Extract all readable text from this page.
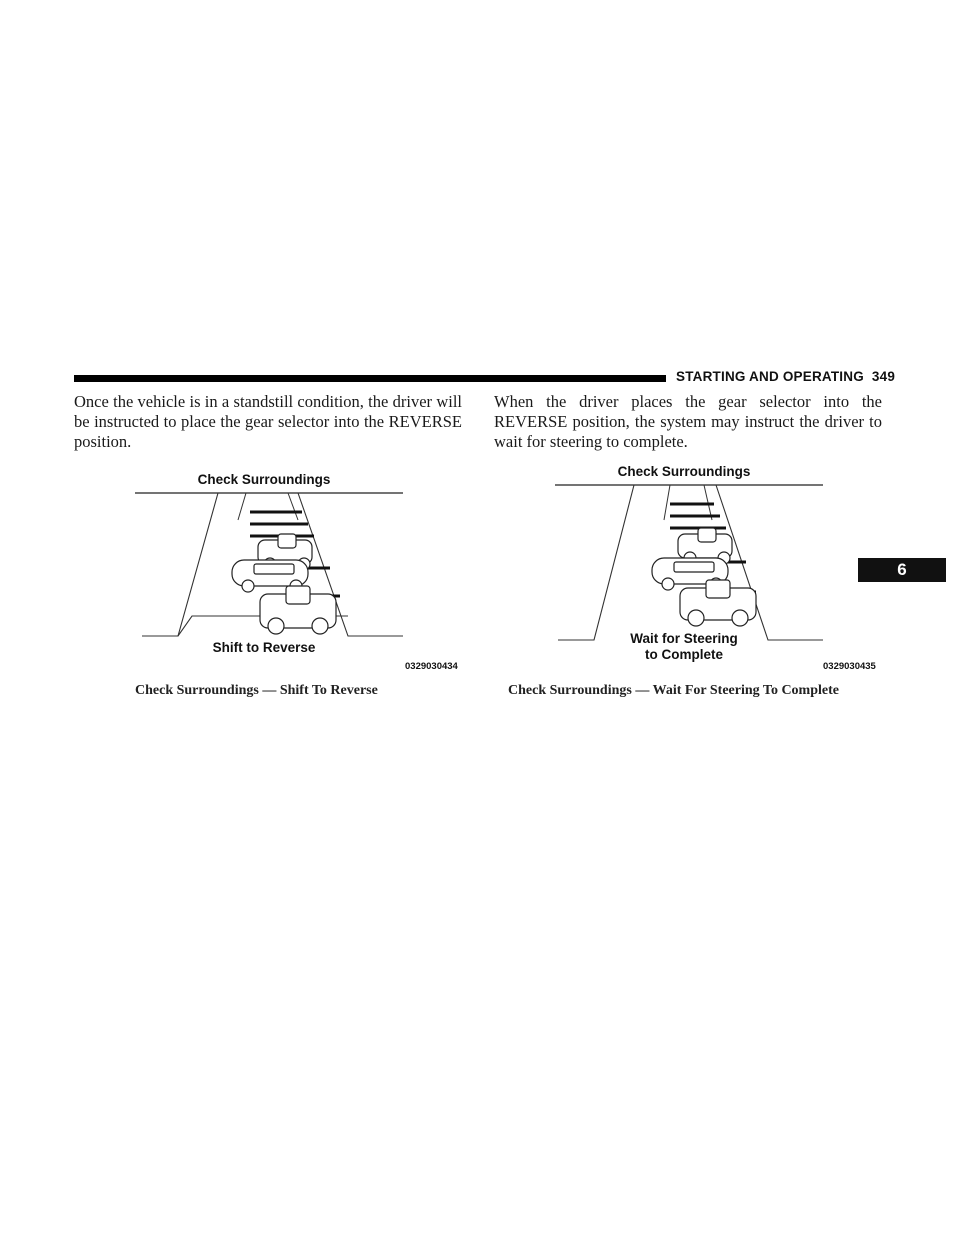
STARTING AND OPERATING 349
6
Once the vehicle is in a standstill condition, the driver will be instructed to place the gear selector into the REVERSE position.
When the driver places the gear selector into the REVERSE position, the system may instruct the driver to wait for steering to complete.
Check Surroundings
Shift to Reverse
0329030434
Check Surroundings — Shift To Reverse
Check Surroundings
Wait for Steering
to Complete
0329030435
Check Surroundings — Wait For Steering To Complete
